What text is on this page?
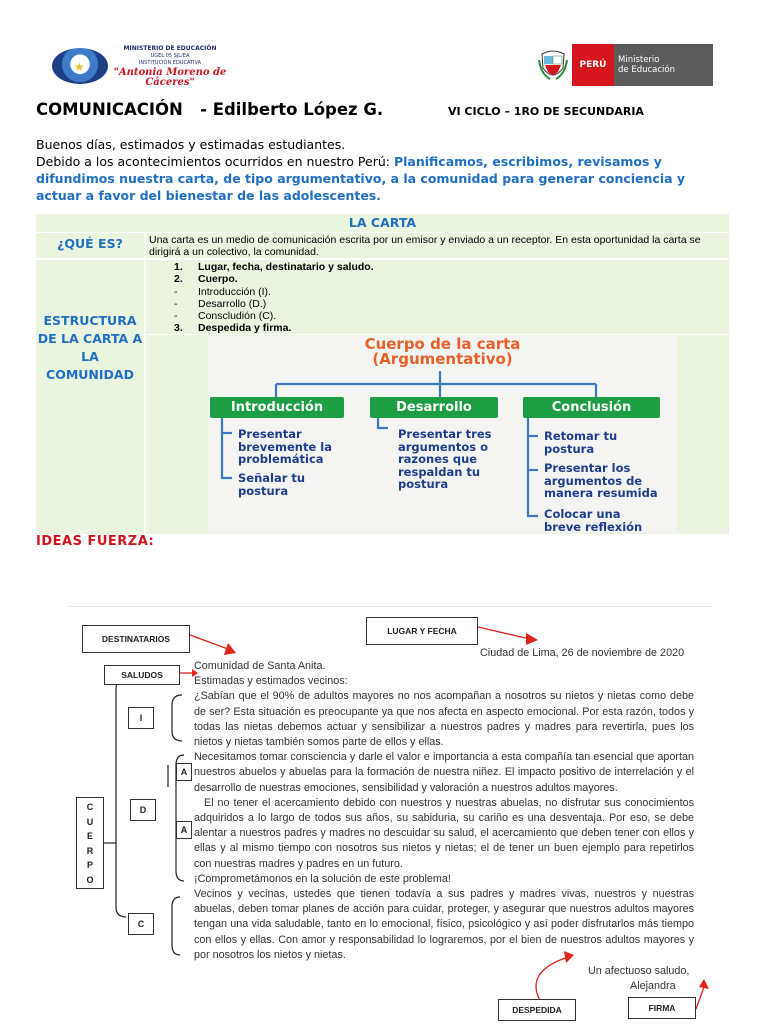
★
MINISTERIO DE EDUCACIÓN
UGEL 05 SJL/EA
INSTITUCIÓN EDUCATIVA
"Antonia Moreno de Cáceres"
PERÚ	Ministerio
de Educación
COMUNICACIÓN   - Edilberto López G.	VI CICLO – 1RO DE SECUNDARIA
Buenos días, estimados y estimadas estudiantes.
Debido a los acontecimientos ocurridos en nuestro Perú: Planificamos, escribimos, revisamos y difundimos nuestra carta, de tipo argumentativo, a la comunidad para generar conciencia y actuar a favor del bienestar de las adolescentes.
LA CARTA
¿QUÉ ES?	Una carta es un medio de comunicación escrita por un emisor y enviado a un receptor. En esta oportunidad la carta se dirigirá a un colectivo, la comunidad.
ESTRUCTURA DE LA CARTA A LA COMUNIDAD
1.	Lugar, fecha, destinatario y saludo.
2.	Cuerpo.
-	Introducción (I).
-	Desarrollo (D.)
-	Conscludión (C).
3.	Despedida y firma.
Cuerpo de la carta
(Argumentativo)
Introducción	Desarrollo	Conclusión
Presentar brevemente la problemática
Señalar tu postura
Presentar tres argumentos o razones que respaldan tu postura
Retomar tu postura
Presentar los argumentos de manera resumida
Colocar una breve reflexión
IDEAS FUERZA:
DESTINATARIOS
SALUDOS
LUGAR Y FECHA
DESPEDIDA	FIRMA
C
U
E
R
P
O
I
D
A
A
C
Ciudad de Lima, 26 de noviembre de 2020
Comunidad de Santa Anita.
Estimadas y estimados vecinos:

¿Sabían que el 90% de adultos mayores no nos acompañan a nosotros su nietos y nietas como debe de ser? Esta situación es preocupante ya que nos afecta en aspecto emocional. Por esta razón, todos y todas las nietas debemos actuar y sensibilizar a nuestros padres y madres para revertirla, pues los nietos y nietas también somos parte de ellos y ellas.

Necesitamos tomar consciencia y darle el valor e importancia a esta compañía tan esencial que aportan nuestros abuelos y abuelas para la formación de nuestra niñez. El impacto positivo de interrelación y el desarrollo de nuestras emociones, sensibilidad y valoración a nuestros adultos mayores.

El no tener el acercamiento debido con nuestros y nuestras abuelas, no disfrutar sus conocimientos adquiridos a lo largo de todos sus años, su sabiduria, su cariño es una desventaja. Por eso, se debe alentar a nuestros padres y madres no descuidar su salud, el acercamiento que deben tener con ellos y ellas y al mismo tiempo con nosotros sus nietos y nietas; el de tener un buen ejemplo para repetirlos con nuestras madres y padres en un futuro.

¡Comprometámonos en la solución de este problema!

Vecinos y vecinas, ustedes que tienen todavía a sus padres y madres vivas, nuestros y nuestras abuelas, deben tomar planes de acción para cuidar, proteger, y asegurar que nuestros adultos mayores tengan una vida saludable, tanto en lo emocional, físico, psicológico y así poder disfrutarlos más tiempo con ellos y ellas. Con amor y responsabilidad lo lograremos, por el bien de nuestros adultos mayores y por nosotros los nietos y nietas.

Un afectuoso saludo,
Alejandra
